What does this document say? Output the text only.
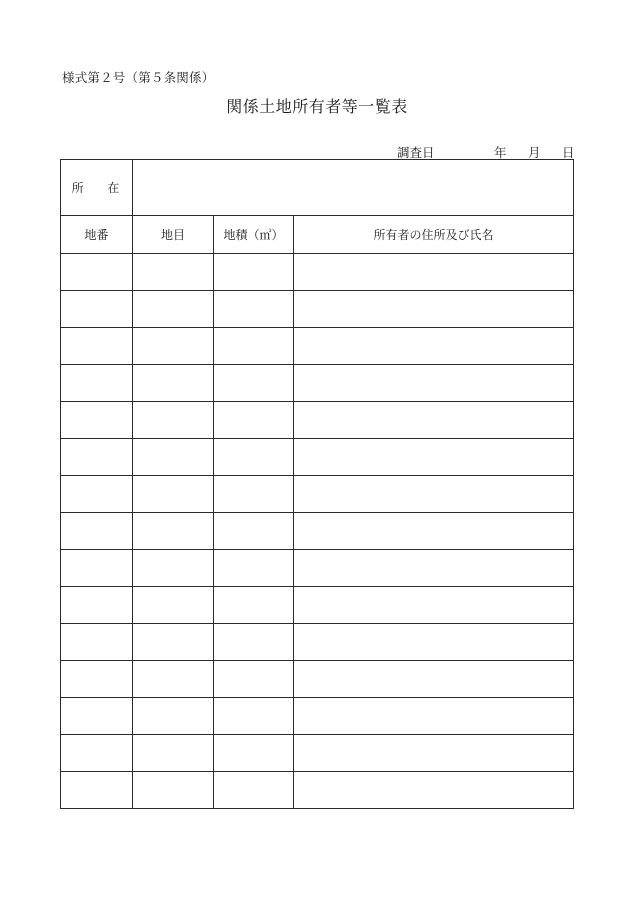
様式第２号（第５条関係）
関係土地所有者等一覧表
調査日	年 月 日
所 在			
地番	地目	地積（㎡）	所有者の住所及び氏名
